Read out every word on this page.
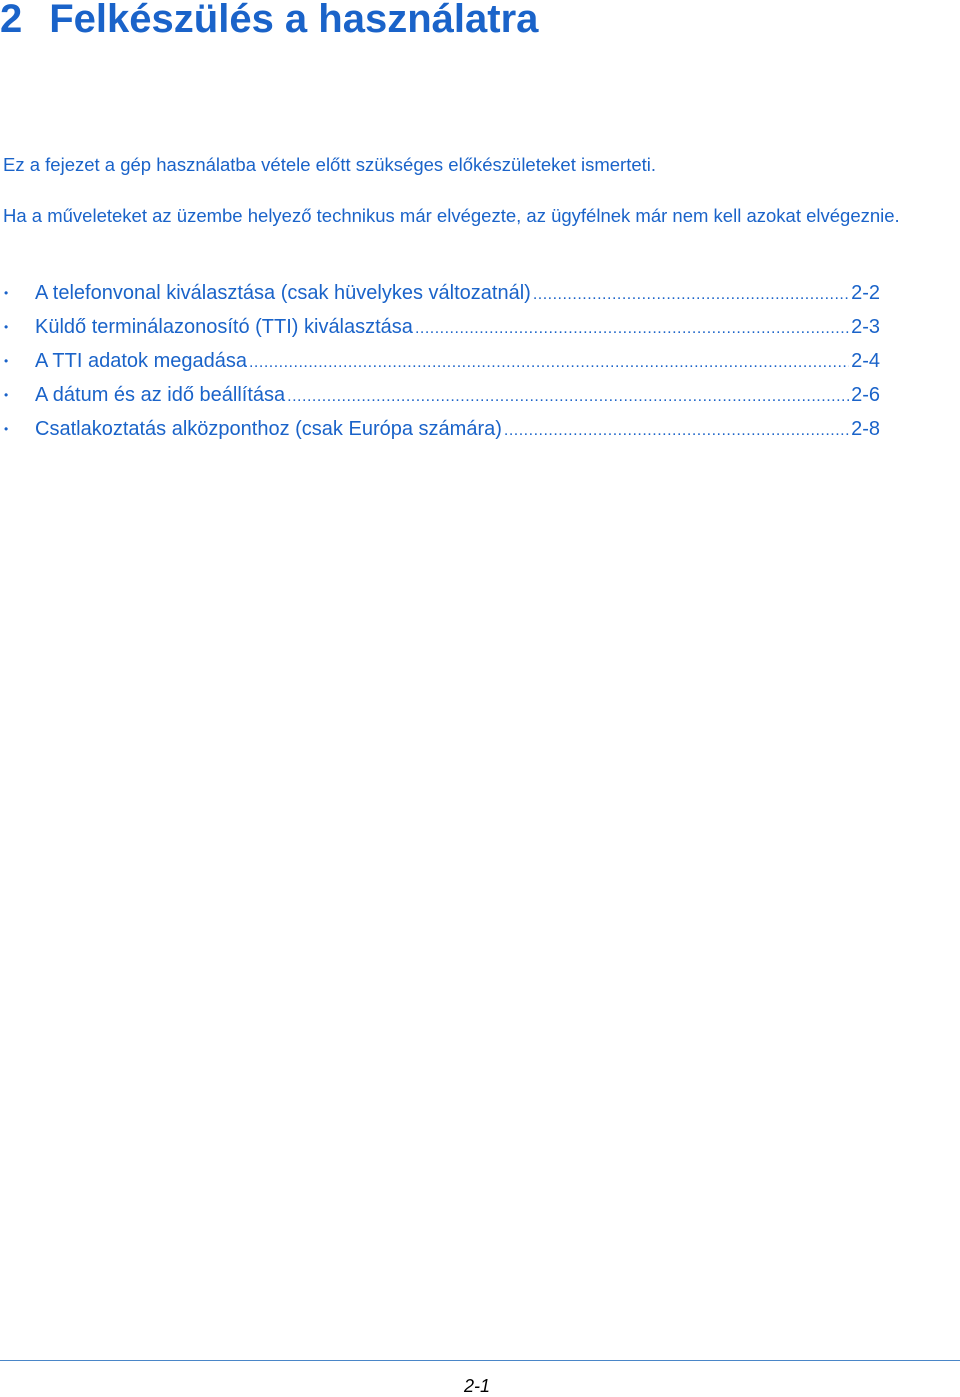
2 Felkészülés a használatra

Ez a fejezet a gép használatba vétele előtt szükséges előkészületeket ismerteti.

Ha a műveleteket az üzembe helyező technikus már elvégezte, az ügyfélnek már nem kell azokat elvégeznie.

•	A telefonvonal kiválasztása (csak hüvelykes változatnál) .....	2-2
•	Küldő terminálazonosító (TTI) kiválasztása .....	2-3
•	A TTI adatok megadása .....	2-4
•	A dátum és az idő beállítása .....	2-6
•	Csatlakoztatás alközponthoz (csak Európa számára) .....	2-8
2-1
